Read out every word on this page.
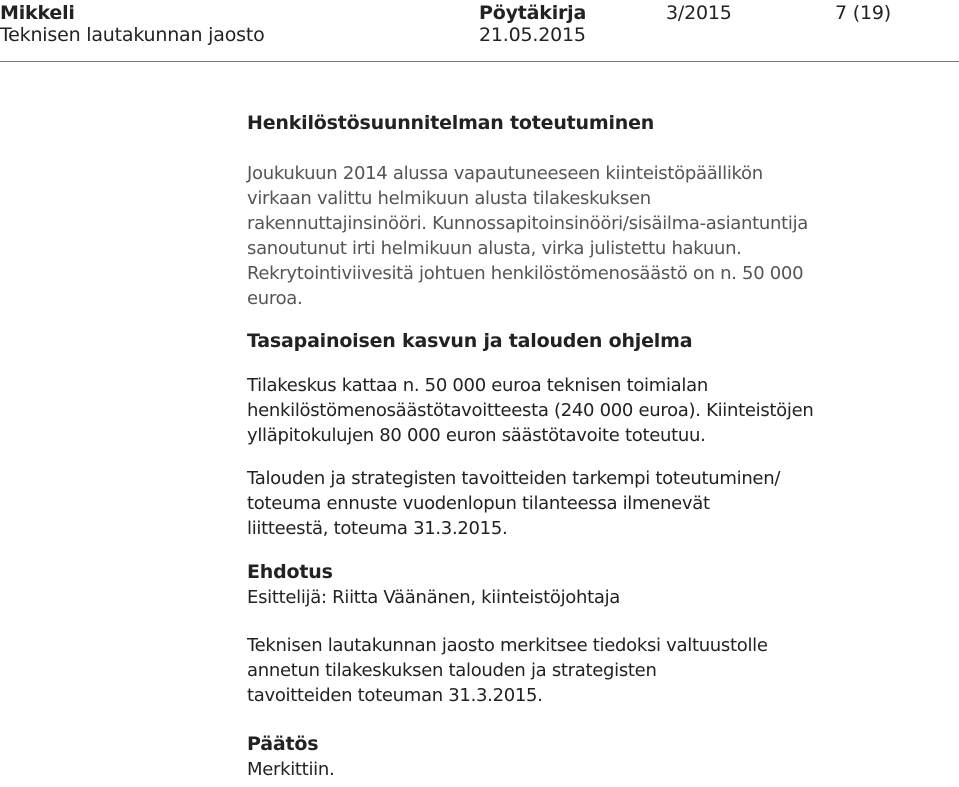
Mikkeli
Teknisen lautakunnan jaosto
Pöytäkirja
21.05.2015
3/2015	7 (19)
Henkilöstösuunnitelman toteutuminen
Joukukuun 2014 alussa vapautuneeseen kiinteistöpäällikön
virkaan valittu helmikuun alusta tilakeskuksen
rakennuttajinsinööri. Kunnossapitoinsinööri/sisäilma-asiantuntija
sanoutunut irti helmikuun alusta, virka julistettu hakuun.
Rekrytointiviivesitä johtuen henkilöstömenosäästö on n. 50 000
euroa.
Tasapainoisen kasvun ja talouden ohjelma
Tilakeskus kattaa n. 50 000 euroa teknisen toimialan
henkilöstömenosäästötavoitteesta (240 000 euroa). Kiinteistöjen
ylläpitokulujen 80 000 euron säästötavoite toteutuu.
Talouden ja strategisten tavoitteiden tarkempi toteutuminen/
toteuma ennuste vuodenlopun tilanteessa ilmenevät
liitteestä, toteuma 31.3.2015.
Ehdotus
Esittelijä: Riitta Väänänen, kiinteistöjohtaja
Teknisen lautakunnan jaosto merkitsee tiedoksi valtuustolle
annetun tilakeskuksen talouden ja strategisten
tavoitteiden toteuman 31.3.2015.
Päätös
Merkittiin.
